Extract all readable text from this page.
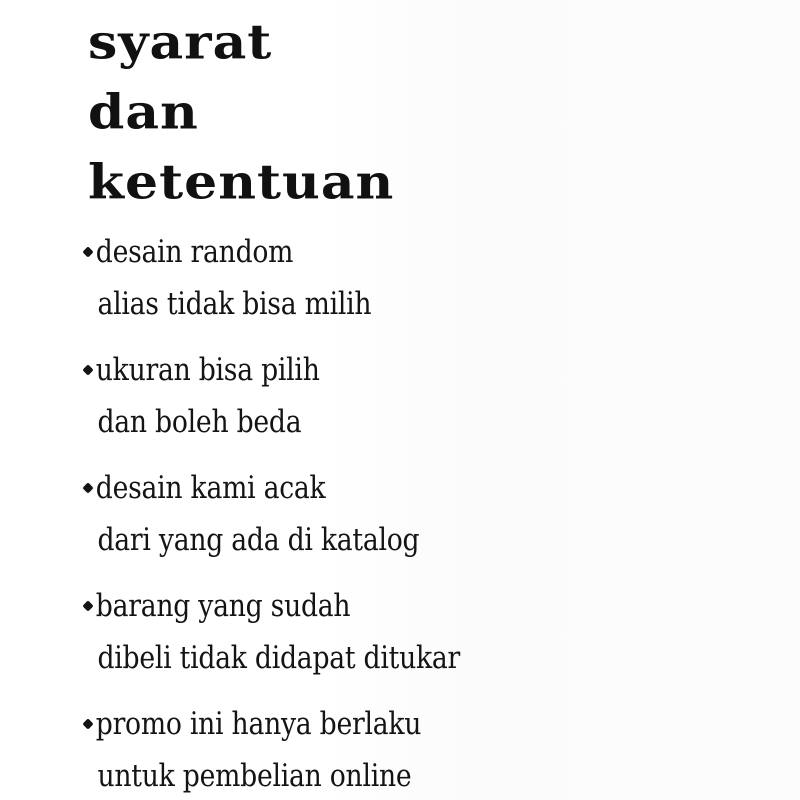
syarat
dan
ketentuan
desain random
alias tidak bisa milih
ukuran bisa pilih
dan boleh beda
desain kami acak
dari yang ada di katalog
barang yang sudah
dibeli tidak didapat ditukar
promo ini hanya berlaku
untuk pembelian online
